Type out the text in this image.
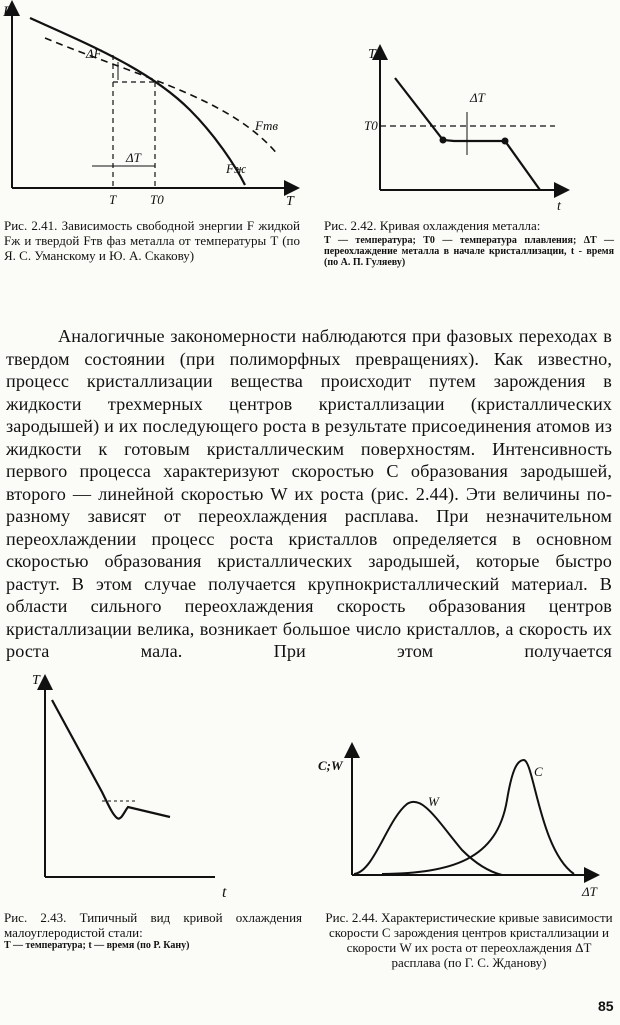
F
T
ΔF
ΔT
T	T0
Fтв
Fж
Рис. 2.41. Зависимость свободной энергии F жидкой Fж и твердой Fтв фаз металла от температуры T (по Я. С. Уманскому и Ю. А. Скакову)
T
t
T0
ΔT
Рис. 2.42. Кривая охлаждения металла:
T — температура; T0 — температура плавления; ΔT — переохлаждение металла в начале кристаллизации, t - время (по А. П. Гуляеву)
Аналогичные закономерности наблюдаются при фазовых переходах в твердом состоянии (при полиморфных превращениях). Как известно, процесс кристаллизации вещества происходит путем зарождения в жидкости трехмерных центров кристаллизации (кристаллических зародышей) и их последующего роста в результате присоединения атомов из жидкости к готовым кристаллическим поверхностям. Интенсивность первого процесса характеризуют скоростью C образования зародышей, второго — линейной скоростью W их роста (рис. 2.44). Эти величины по-разному зависят от переохлаждения расплава. При незначительном переохлаждении процесс роста кристаллов определяется в основном скоростью образования кристаллических зародышей, которые быстро растут. В этом случае получается крупнокристаллический материал. В области сильного переохлаждения скорость образования центров кристаллизации велика, возникает большое число кристаллов, а скорость их роста мала. При этом получается
T
t
Рис. 2.43. Типичный вид кривой охлаждения малоуглеродистой стали:
T — температура; t — время (по Р. Кану)
C;W
ΔT
W
C
Рис. 2.44. Характеристические кривые зависимости скорости C зарождения центров кристаллизации и скорости W их роста от переохлаждения ΔT расплава (по Г. С. Жданову)
85
